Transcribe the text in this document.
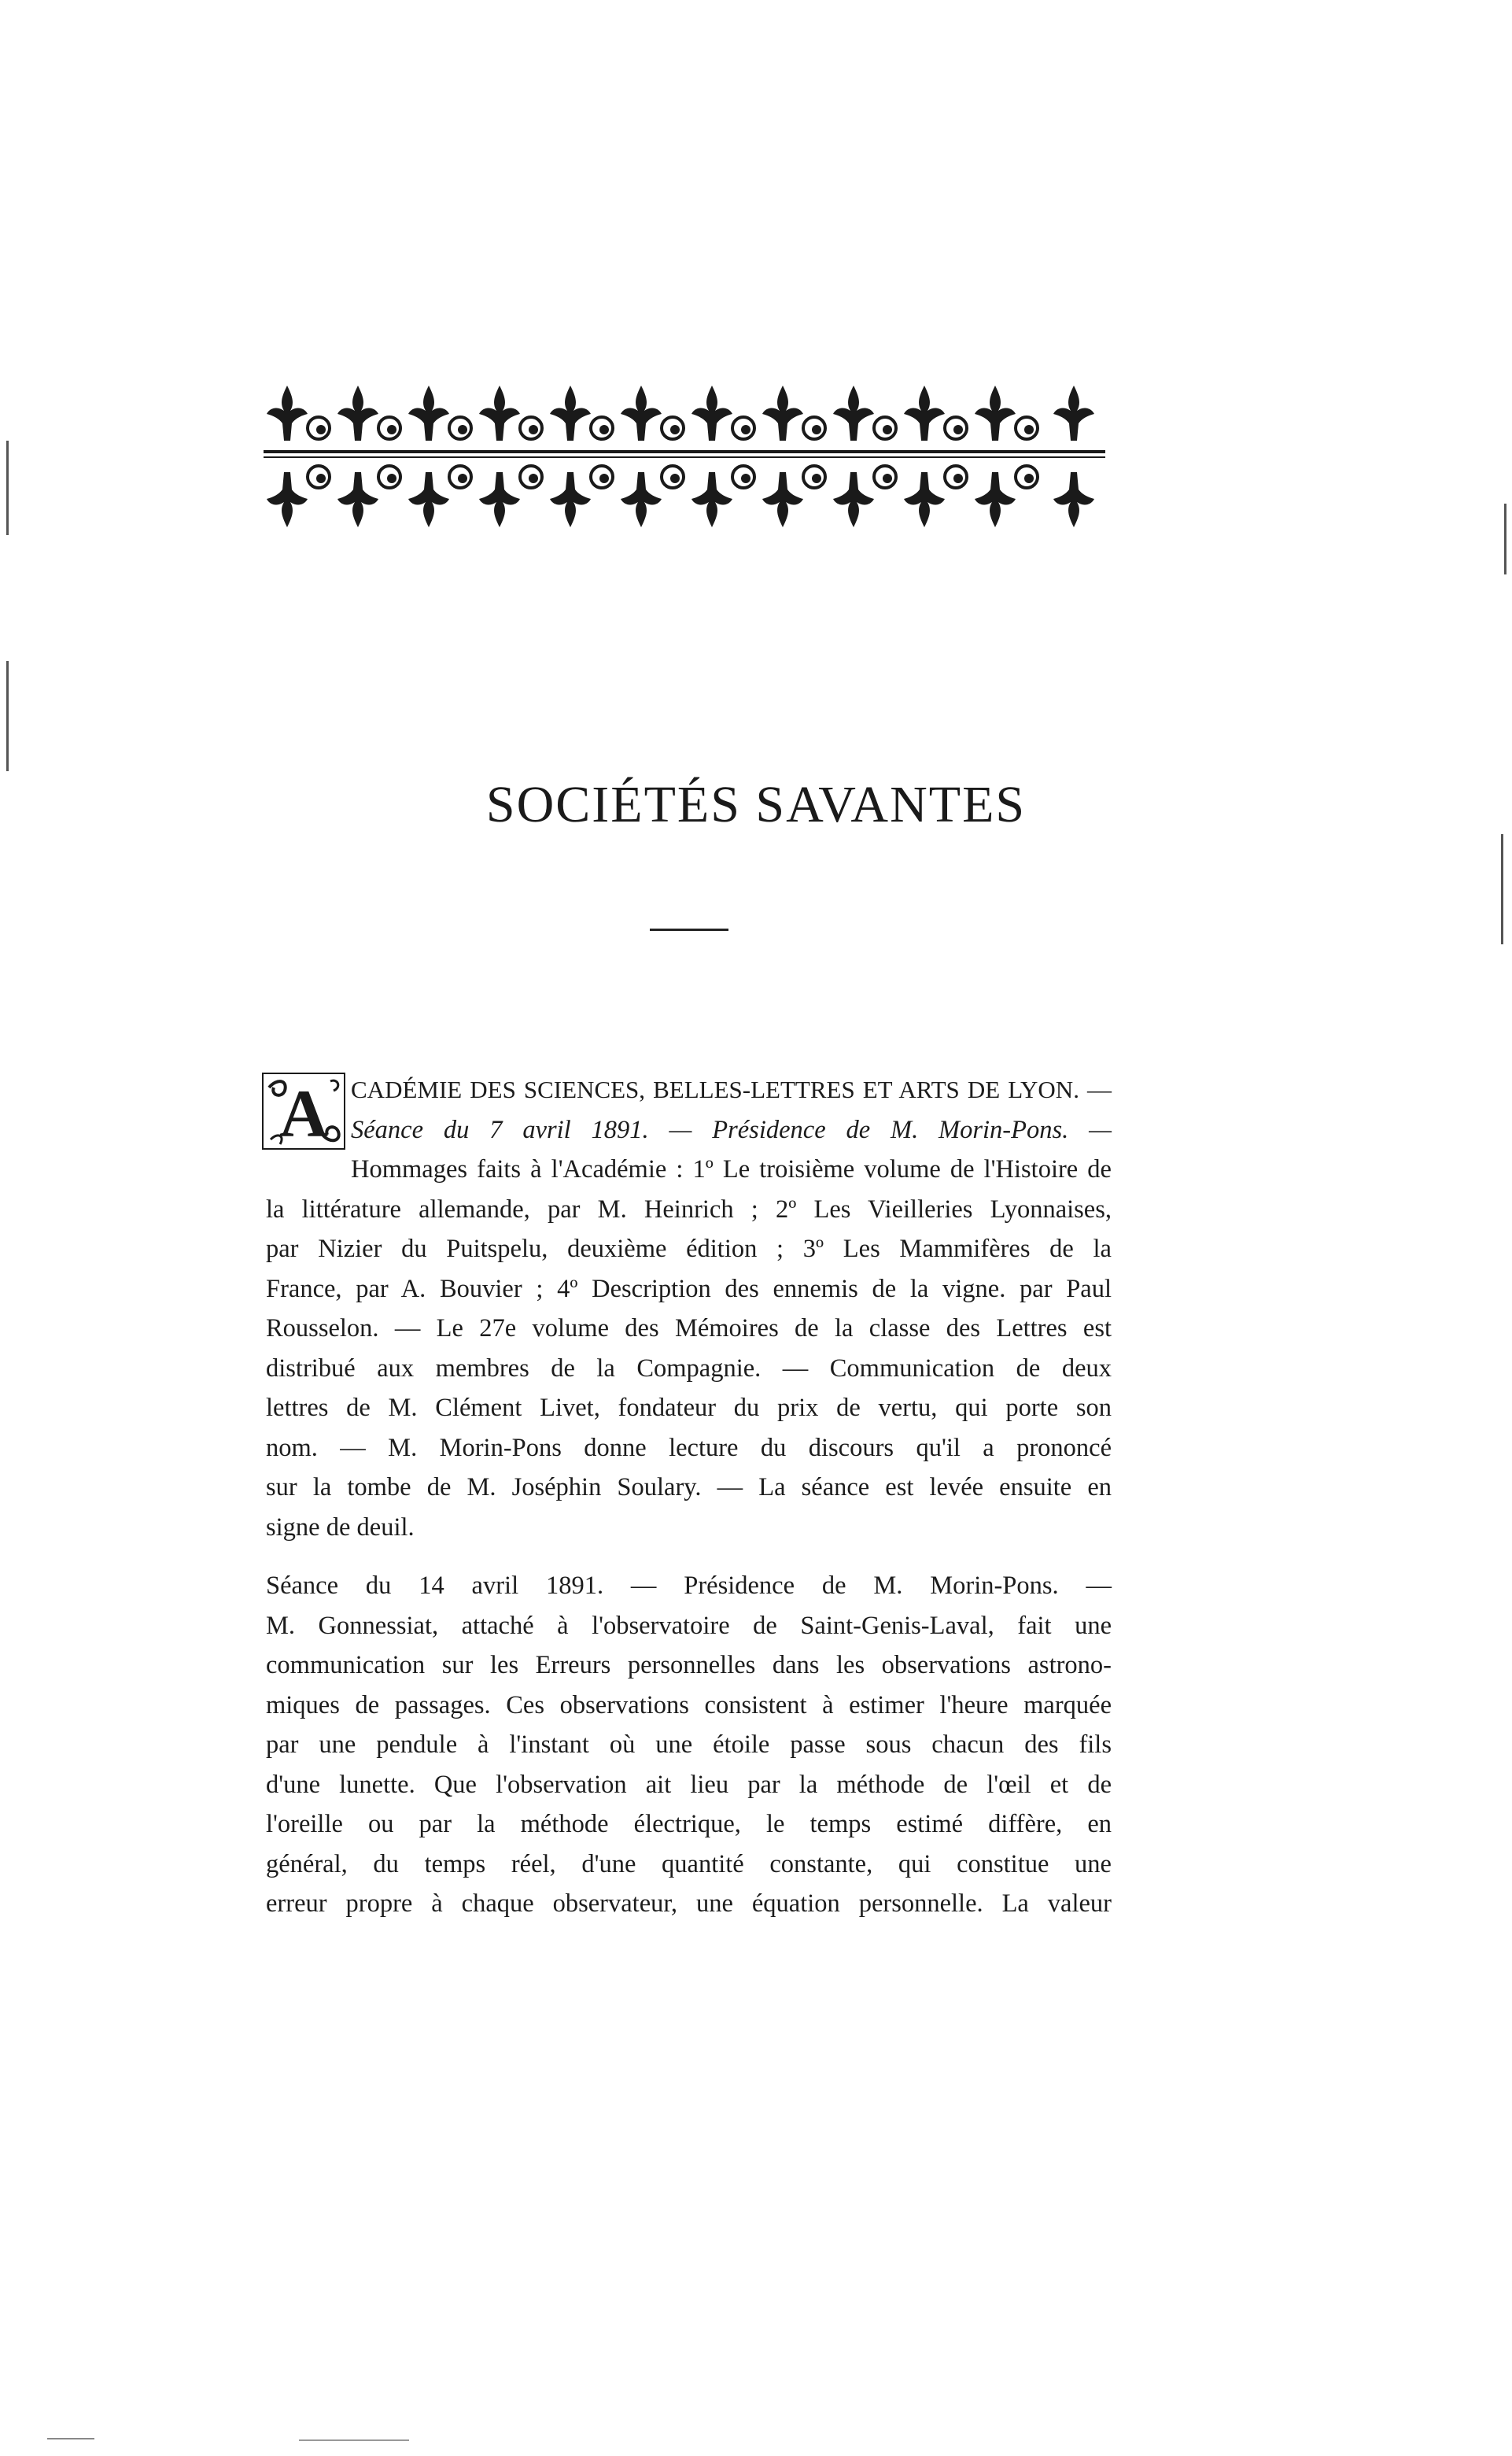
SOCIÉTÉS SAVANTES

A CADÉMIE DES SCIENCES, BELLES-LETTRES ET ARTS DE LYON. —
Séance du 7 avril 1891. — Présidence de M. Morin-Pons. —
Hommages faits à l'Académie : 1º Le troisième volume de l'Histoire de
la littérature allemande, par M. Heinrich ; 2º Les Vieilleries Lyonnaises,
par Nizier du Puitspelu, deuxième édition ; 3º Les Mammifères de la
France, par A. Bouvier ; 4º Description des ennemis de la vigne. par Paul
Rousselon. — Le 27e volume des Mémoires de la classe des Lettres est
distribué aux membres de la Compagnie. — Communication de deux
lettres de M. Clément Livet, fondateur du prix de vertu, qui porte son
nom. — M. Morin-Pons donne lecture du discours qu'il a prononcé
sur la tombe de M. Joséphin Soulary. — La séance est levée ensuite en
signe de deuil.

Séance du 14 avril 1891. — Présidence de M. Morin-Pons. —
M. Gonnessiat, attaché à l'observatoire de Saint-Genis-Laval, fait une
communication sur les Erreurs personnelles dans les observations astrono-
miques de passages. Ces observations consistent à estimer l'heure marquée
par une pendule à l'instant où une étoile passe sous chacun des fils
d'une lunette. Que l'observation ait lieu par la méthode de l'œil et de
l'oreille ou par la méthode électrique, le temps estimé diffère, en
général, du temps réel, d'une quantité constante, qui constitue une
erreur propre à chaque observateur, une équation personnelle. La valeur
